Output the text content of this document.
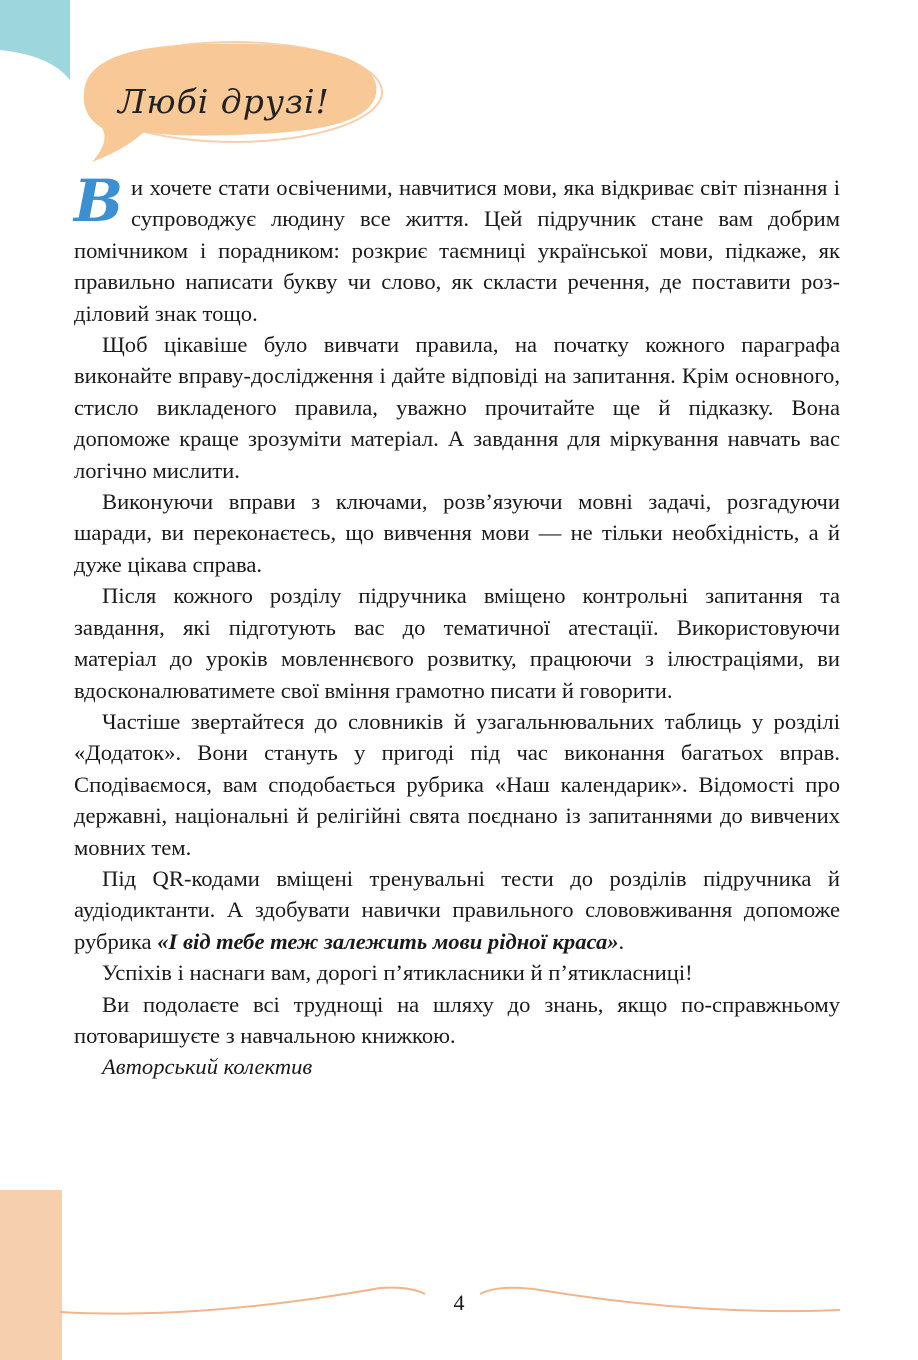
Любі друзі!

Ви хочете стати освіченими, навчитися мови, яка відкриває світ пізнання і супроводжує людину все життя. Цей підручник стане вам добрим помічником і порадником: розкриє таємниці української мови, підкаже, як правильно написати букву чи слово, як скласти речення, де поставити розділовий знак тощо.

Щоб цікавіше було вивчати правила, на початку кожного параграфа виконайте вправу-дослідження і дайте відповіді на запитання. Крім основного, стисло викладеного правила, уважно прочитайте ще й підказку. Вона допоможе краще зрозуміти матеріал. А завдання для міркування навчать вас логічно мислити.

Виконуючи вправи з ключами, розв’язуючи мовні задачі, розгадуючи шаради, ви переконаєтесь, що вивчення мови — не тільки необхідність, а й дуже цікава справа.

Після кожного розділу підручника вміщено контрольні запитання та завдання, які підготують вас до тематичної атестації. Використовуючи матеріал до уроків мовленнєвого розвитку, працюючи з ілюстраціями, ви вдосконалюватимете свої вміння грамотно писати й говорити.

Частіше звертайтеся до словників й узагальнювальних таблиць у розділі «Додаток». Вони стануть у пригоді під час виконання багатьох вправ. Сподіваємося, вам сподобається рубрика «Наш календарик». Відомості про державні, національні й релігійні свята поєднано із запитаннями до вивчених мовних тем.

Під QR-кодами вміщені тренувальні тести до розділів підручника й аудіодиктанти. А здобувати навички правильного слововживання допоможе рубрика «І від тебе теж залежить мови рідної краса».

Успіхів і наснаги вам, дорогі п’ятикласники й п’ятикласниці!

Ви подолаєте всі труднощі на шляху до знань, якщо по-справжньому потоваришуєте з навчальною книжкою.

Авторський колектив

4
